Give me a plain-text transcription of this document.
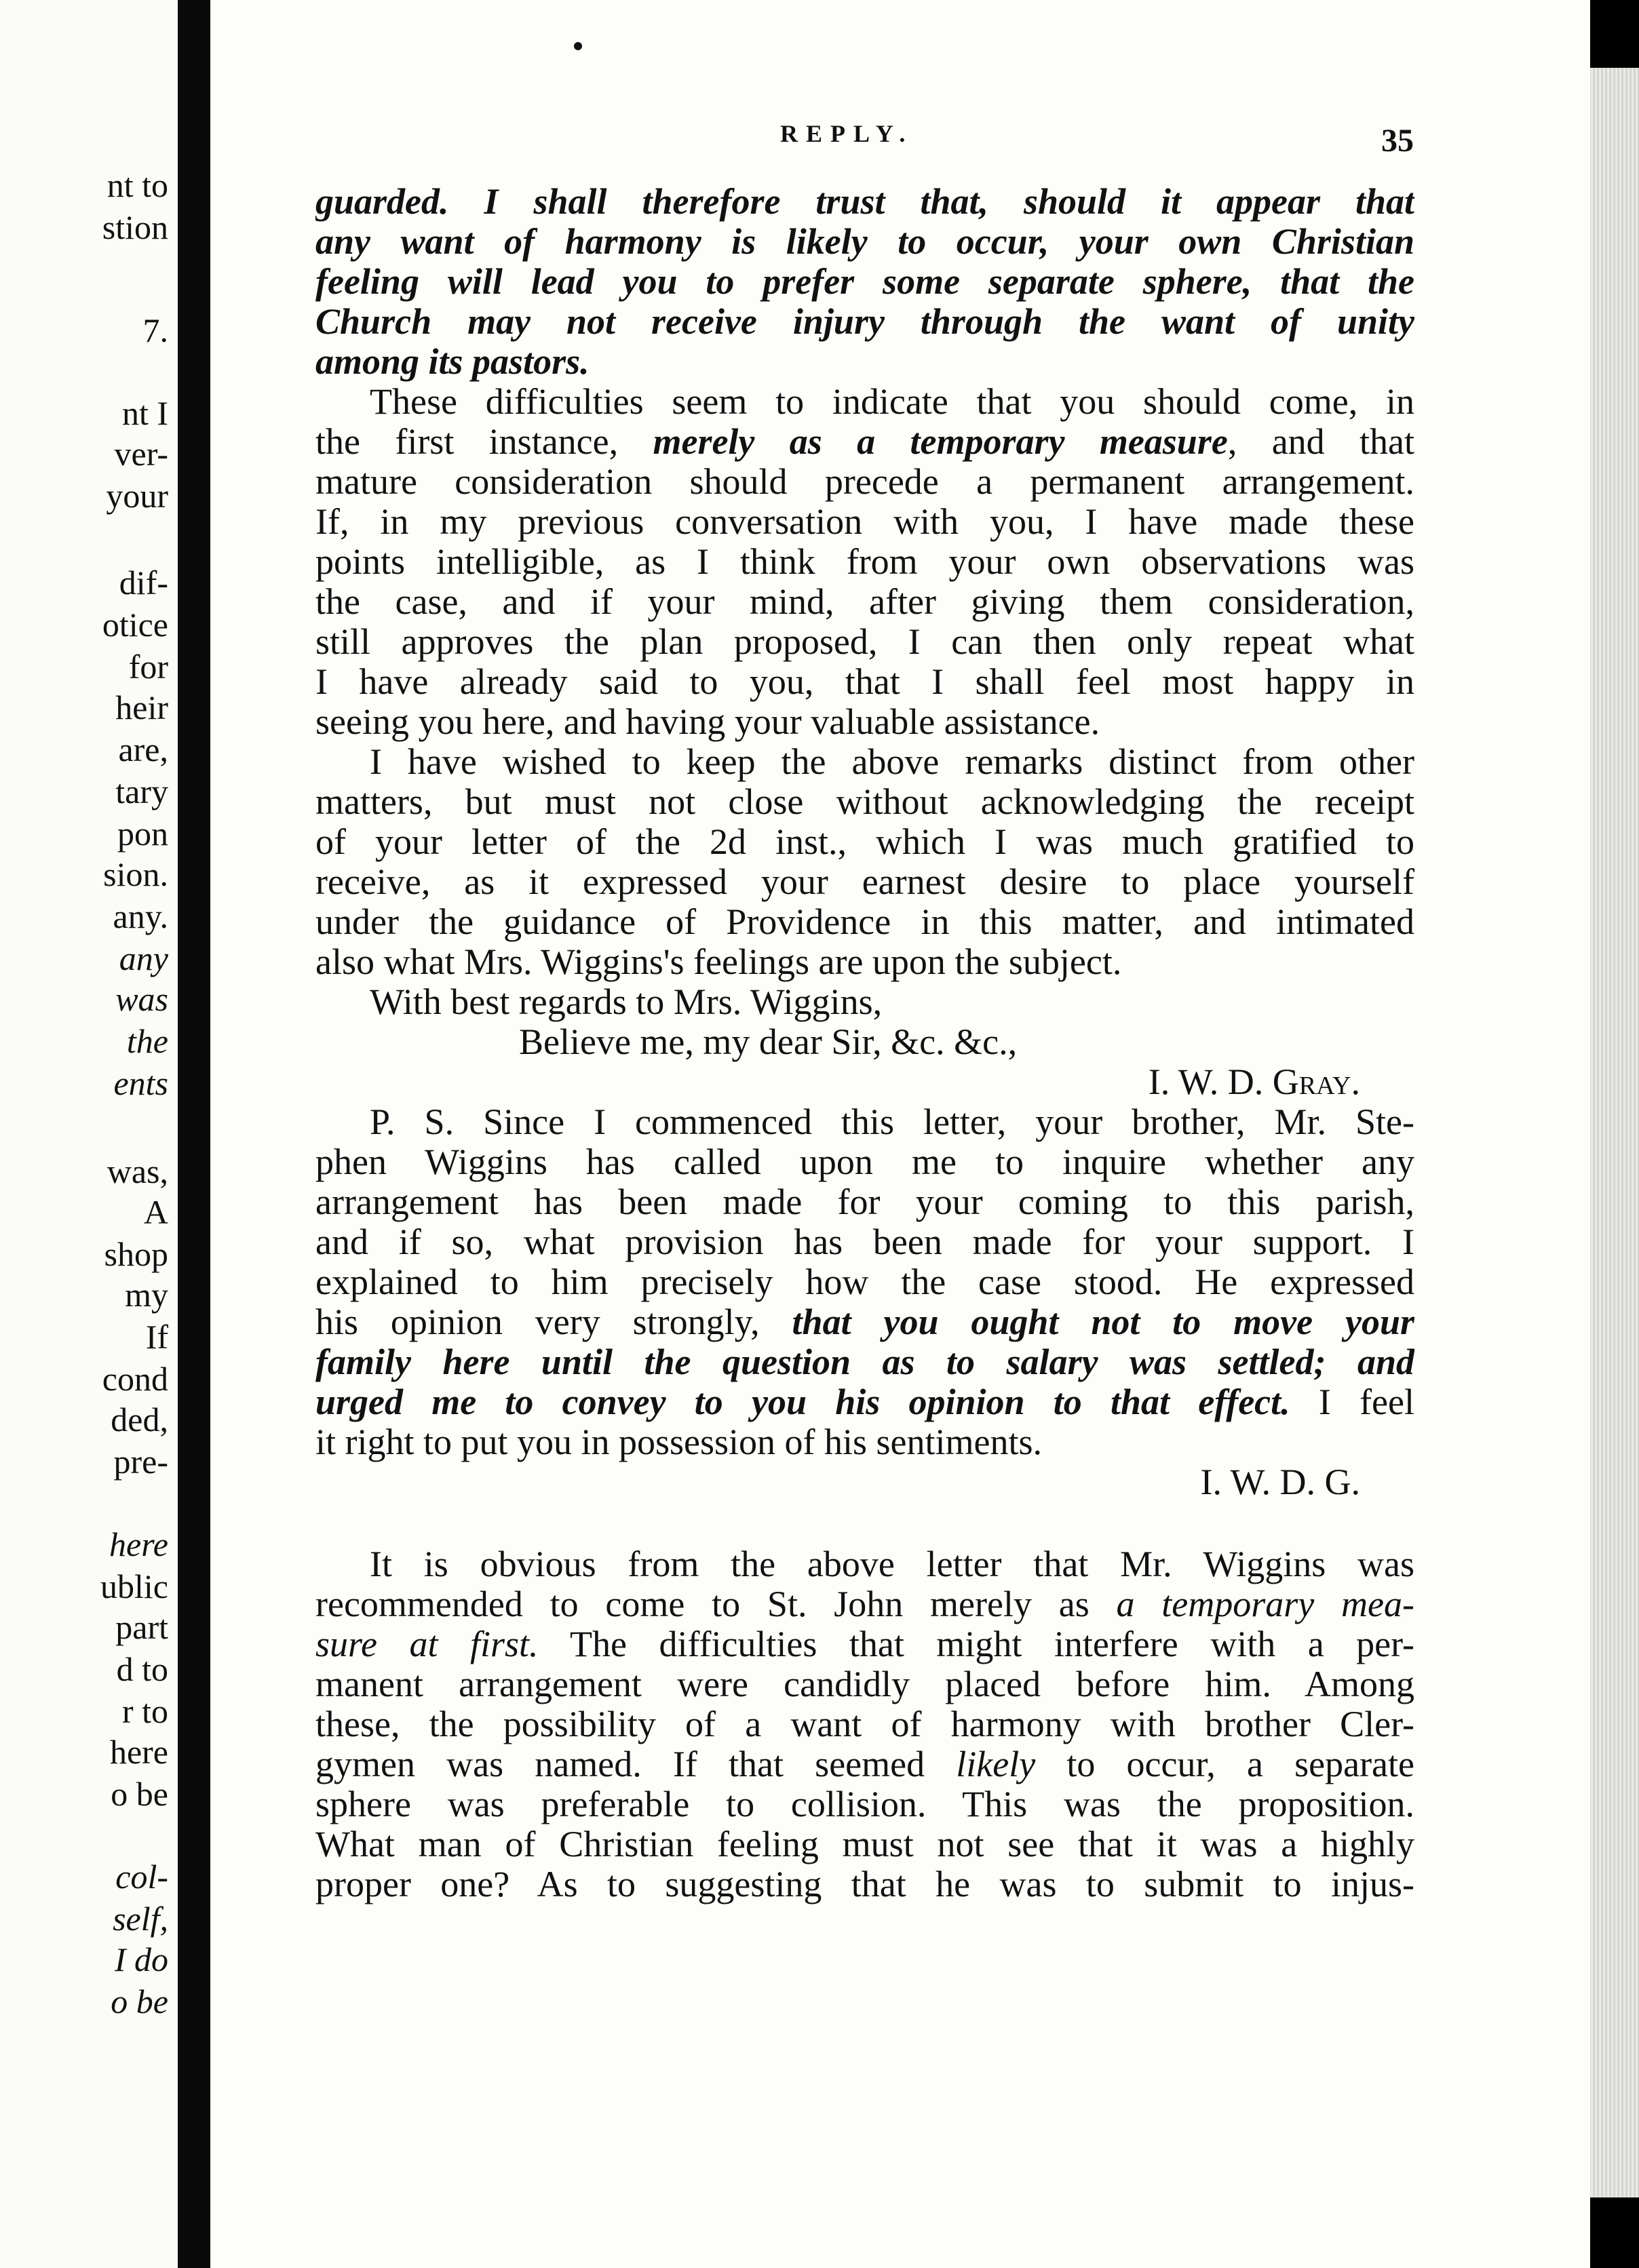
nt to
stion
7.
nt I
ver-
your
dif-
otice
for
heir
are,
tary
pon
sion.
any.
any
was
the
ents
was,
A
shop
my
If
cond
ded,
pre-
here
ublic
part
d to
r to
here
o be
col-
self,
I do
o be
REPLY.	35
guarded. I shall therefore trust that, should it appear that
any want of harmony is likely to occur, your own Christian
feeling will lead you to prefer some separate sphere, that the
Church may not receive injury through the want of unity
among its pastors.
These difficulties seem to indicate that you should come, in
the first instance, merely as a temporary measure, and that
mature consideration should precede a permanent arrangement.
If, in my previous conversation with you, I have made these
points intelligible, as I think from your own observations was
the case, and if your mind, after giving them consideration,
still approves the plan proposed, I can then only repeat what
I have already said to you, that I shall feel most happy in
seeing you here, and having your valuable assistance.
I have wished to keep the above remarks distinct from other
matters, but must not close without acknowledging the receipt
of your letter of the 2d inst., which I was much gratified to
receive, as it expressed your earnest desire to place yourself
under the guidance of Providence in this matter, and intimated
also what Mrs. Wiggins's feelings are upon the subject.
With best regards to Mrs. Wiggins,
Believe me, my dear Sir, &c. &c.,
I. W. D. Gray.
P. S. Since I commenced this letter, your brother, Mr. Ste-
phen Wiggins has called upon me to inquire whether any
arrangement has been made for your coming to this parish,
and if so, what provision has been made for your support. I
explained to him precisely how the case stood. He expressed
his opinion very strongly, that you ought not to move your
family here until the question as to salary was settled; and
urged me to convey to you his opinion to that effect. I feel
it right to put you in possession of his sentiments.
I. W. D. G.
It is obvious from the above letter that Mr. Wiggins was
recommended to come to St. John merely as a temporary mea-
sure at first. The difficulties that might interfere with a per-
manent arrangement were candidly placed before him. Among
these, the possibility of a want of harmony with brother Cler-
gymen was named. If that seemed likely to occur, a separate
sphere was preferable to collision. This was the proposition.
What man of Christian feeling must not see that it was a highly
proper one? As to suggesting that he was to submit to injus-
